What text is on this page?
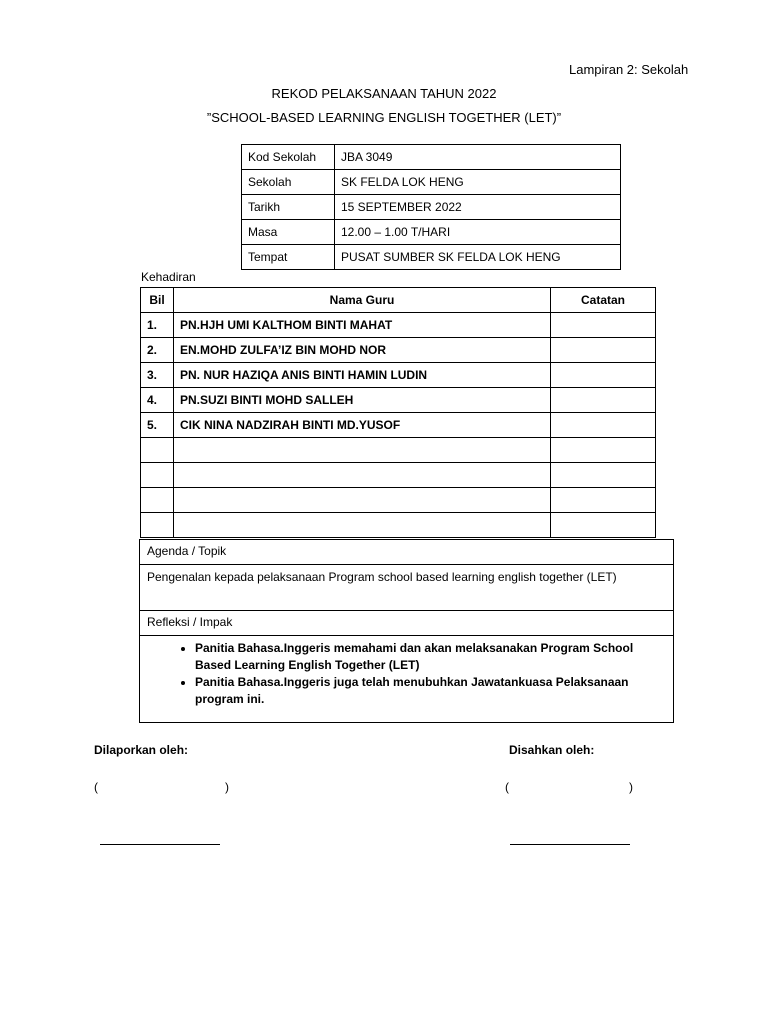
Lampiran 2: Sekolah
REKOD PELAKSANAAN TAHUN 2022
”SCHOOL-BASED LEARNING ENGLISH TOGETHER (LET)”
Kod Sekolah	JBA 3049
Sekolah	SK FELDA LOK HENG
Tarikh	15 SEPTEMBER 2022
Masa	12.00 – 1.00 T/HARI
Tempat	PUSAT SUMBER SK FELDA LOK HENG
Kehadiran
Bil	Nama Guru	Catatan
1.	PN.HJH UMI KALTHOM BINTI MAHAT	
2.	EN.MOHD ZULFA’IZ BIN MOHD NOR	
3.	PN. NUR HAZIQA ANIS BINTI HAMIN LUDIN	
4.	PN.SUZI BINTI MOHD SALLEH	
5.	CIK NINA NADZIRAH BINTI MD.YUSOF	

Agenda / Topik
Pengenalan kepada pelaksanaan Program school based learning english together (LET)
Refleksi / Impak
• Panitia Bahasa.Inggeris memahami dan akan melaksanakan Program School Based Learning English Together (LET)
• Panitia Bahasa.Inggeris juga telah menubuhkan Jawatankuasa Pelaksanaan program ini.
Dilaporkan oleh:	Disahkan oleh:
(	)	(	)
